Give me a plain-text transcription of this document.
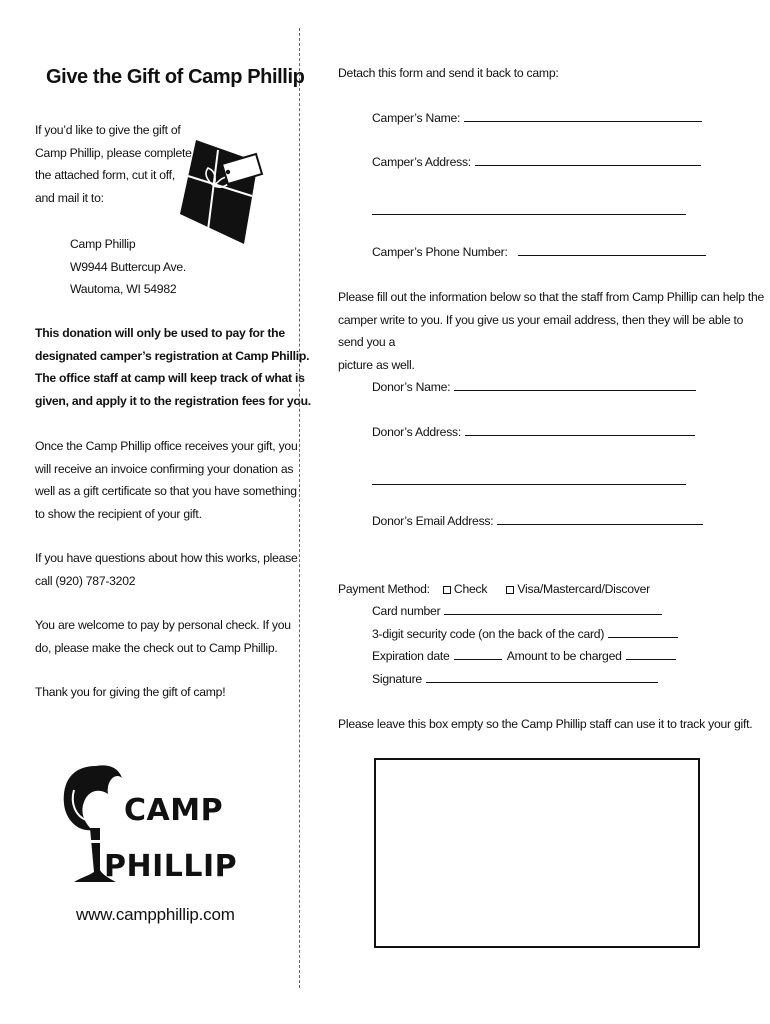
Give the Gift of Camp Phillip
If you’d like to give the gift of
Camp Phillip, please complete
the attached form, cut it off,
and mail it to:
Camp Phillip
W9944 Buttercup Ave.
Wautoma, WI 54982
This donation will only be used to pay for the
designated camper’s registration at Camp Phillip.
The office staff at camp will keep track of what is
given, and apply it to the registration fees for you.
Once the Camp Phillip office receives your gift, you
will receive an invoice confirming your donation as
well as a gift certificate so that you have something
to show the recipient of your gift.
If you have questions about how this works, please
call (920) 787-3202
You are welcome to pay by personal check. If you
do, please make the check out to Camp Phillip.
Thank you for giving the gift of camp!
CAMP
PHILLIP
www.campphillip.com
Detach this form and send it back to camp:
Camper’s Name:
Camper’s Address:
Camper’s Phone Number:
Please fill out the information below so that the staff from Camp Phillip can help the
camper write to you. If you give us your email address, then they will be able to send you a
picture as well.
Donor’s Name:
Donor’s Address:
Donor’s Email Address:
Payment Method: Check Visa/Mastercard/Discover
Card number
3-digit security code (on the back of the card)
Expiration date	Amount to be charged
Signature
Please leave this box empty so the Camp Phillip staff can use it to track your gift.
